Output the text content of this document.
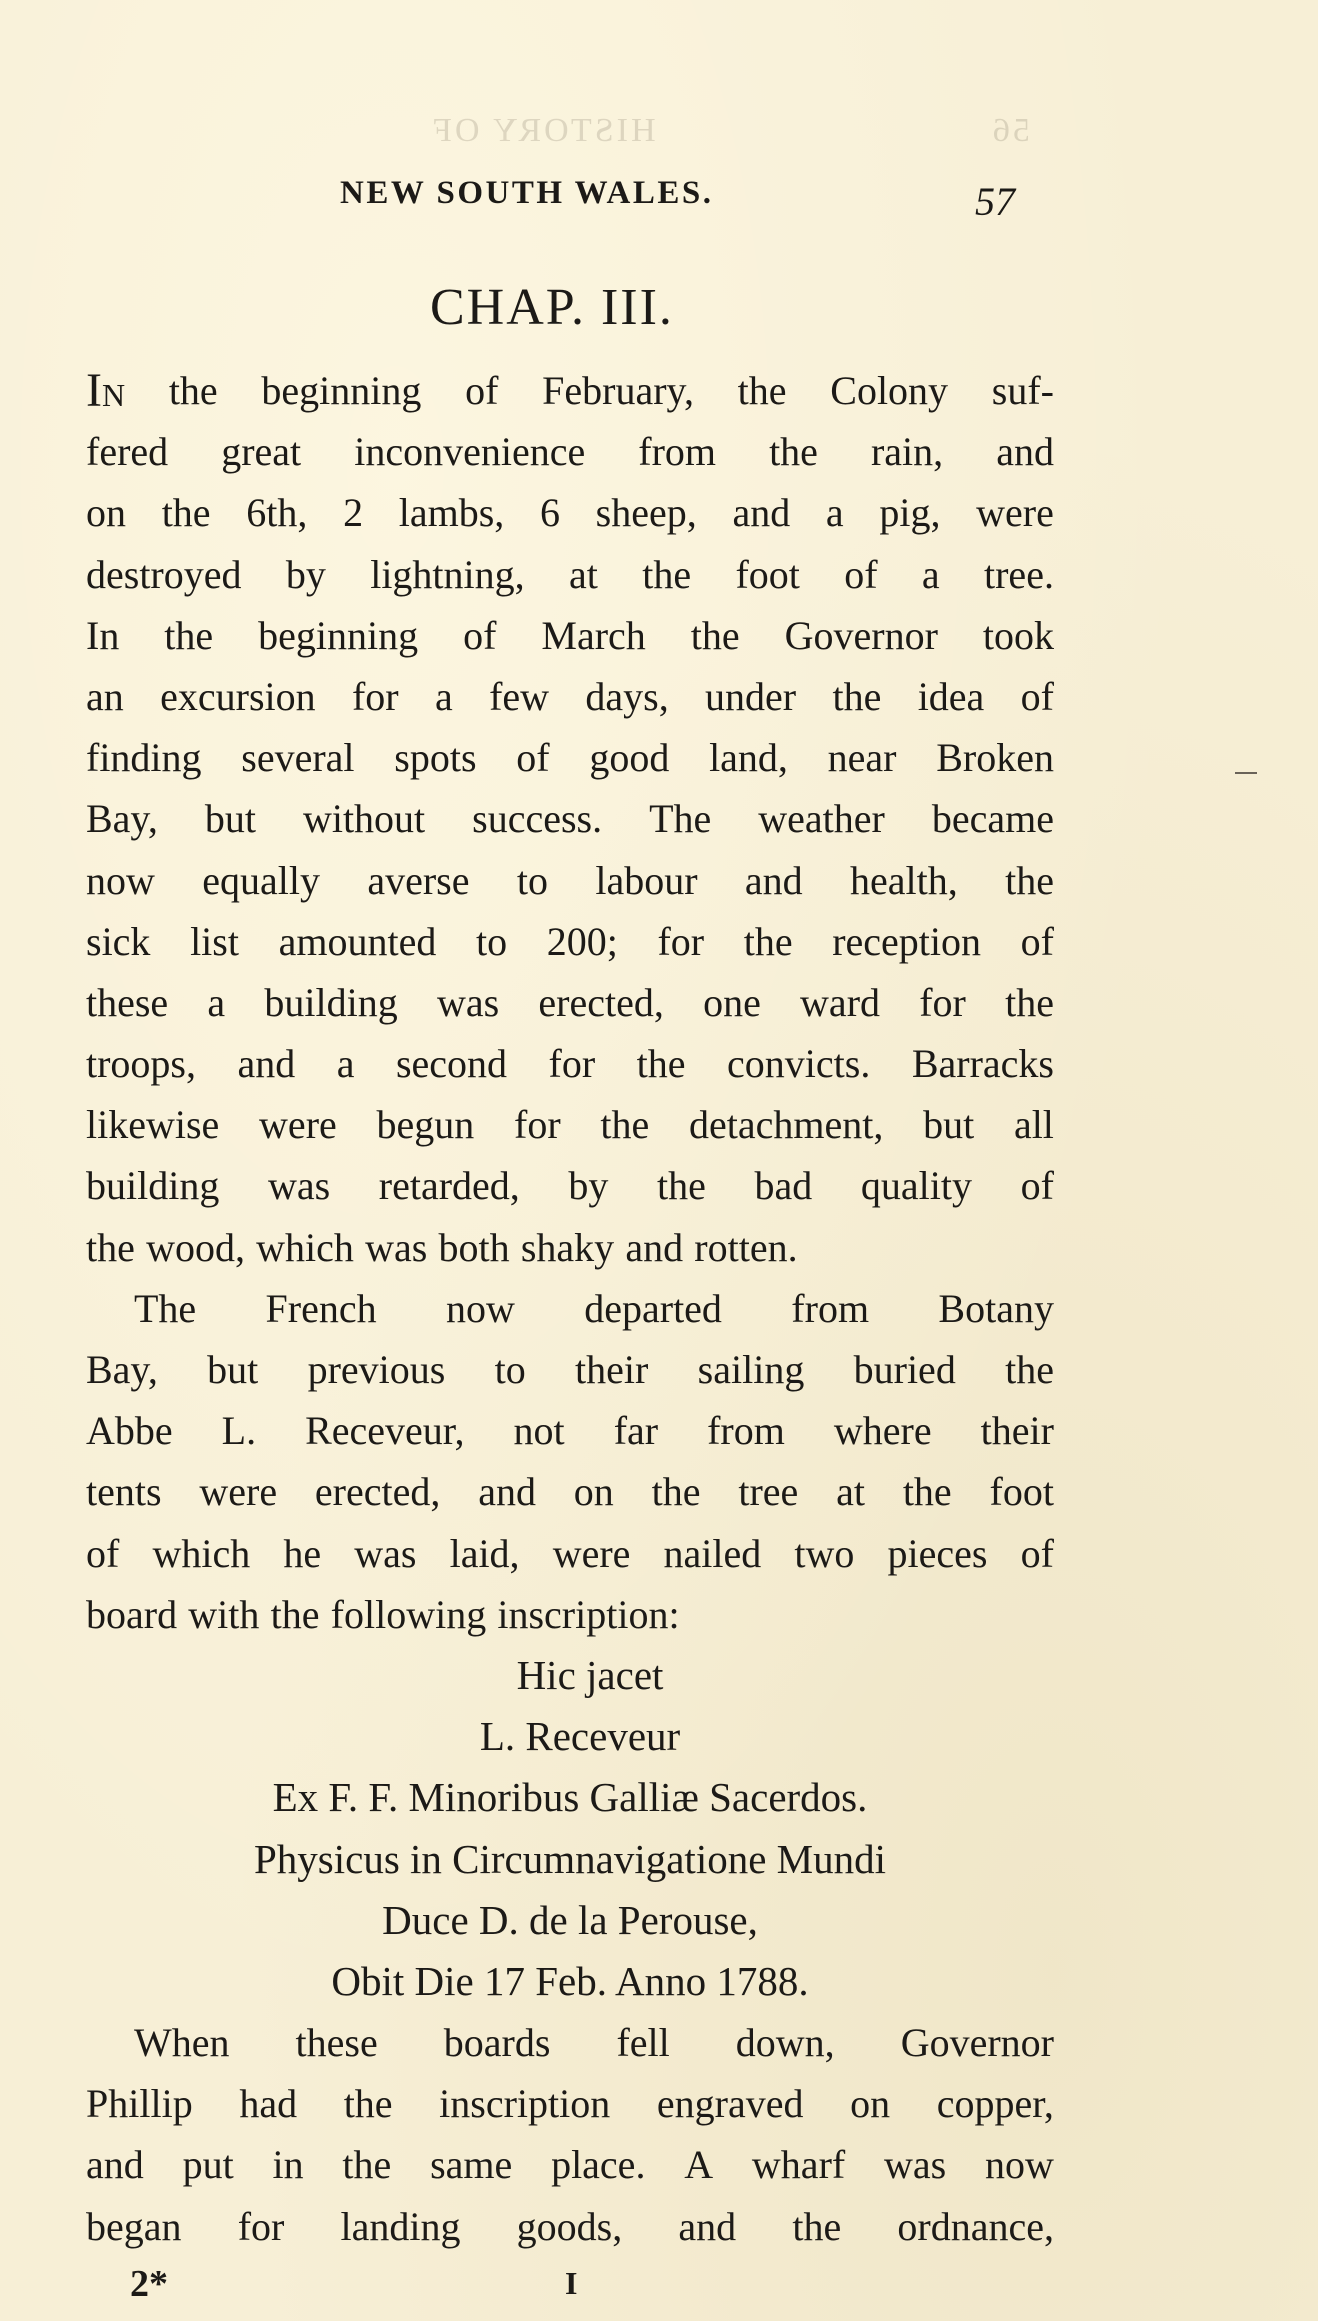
HISTORY OF	56
NEW SOUTH WALES.	57
CHAP. III.
IN the beginning of February, the Colony suf-
fered great inconvenience from the rain, and
on the 6th, 2 lambs, 6 sheep, and a pig, were
destroyed by lightning, at the foot of a tree.
In the beginning of March the Governor took
an excursion for a few days, under the idea of
finding several spots of good land, near Broken
Bay, but without success. The weather became
now equally averse to labour and health, the
sick list amounted to 200; for the reception of
these a building was erected, one ward for the
troops, and a second for the convicts. Barracks
likewise were begun for the detachment, but all
building was retarded, by the bad quality of
the wood, which was both shaky and rotten.
The French now departed from Botany
Bay, but previous to their sailing buried the
Abbe L. Receveur, not far from where their
tents were erected, and on the tree at the foot
of which he was laid, were nailed two pieces of
board with the following inscription:
Hic jacet
L. Receveur
Ex F. F. Minoribus Galliæ Sacerdos.
Physicus in Circumnavigatione Mundi
Duce D. de la Perouse,
Obit Die 17 Feb. Anno 1788.
When these boards fell down, Governor
Phillip had the inscription engraved on copper,
and put in the same place. A wharf was now
began for landing goods, and the ordnance,
2*	I
